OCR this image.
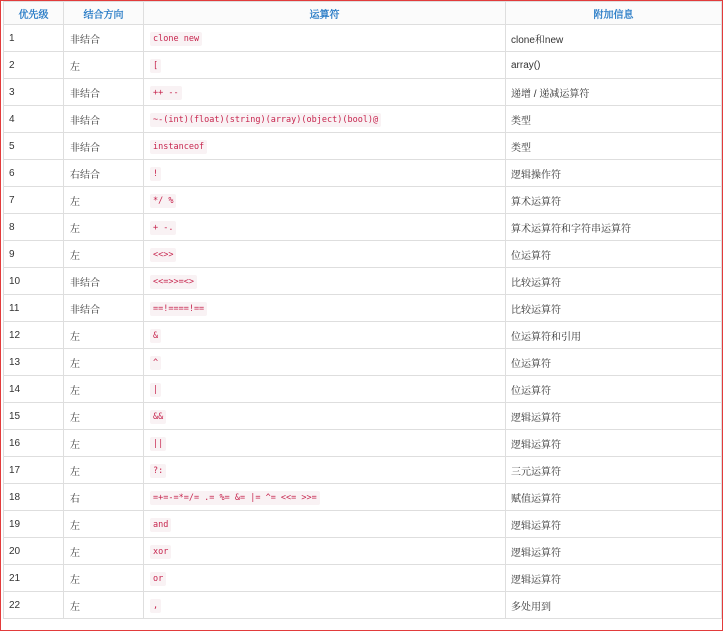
优先级	结合方向	运算符	附加信息
1	非结合	clone new	clone和new
2	左	[	array()
3	非结合	++ --	递增 / 递减运算符
4	非结合	~-(int)(float)(string)(array)(object)(bool)@	类型
5	非结合	instanceof	类型
6	右结合	!	逻辑操作符
7	左	*/ %	算术运算符
8	左	+ -.	算术运算符和字符串运算符
9	左	<<>>	位运算符
10	非结合	<<=>>=<>	比较运算符
11	非结合	==!====!==	比较运算符
12	左	&	位运算符和引用
13	左	^	位运算符
14	左	|	位运算符
15	左	&&	逻辑运算符
16	左	||	逻辑运算符
17	左	?:	三元运算符
18	右	=+=-=*=/= .= %= &= |= ^= <<= >>=	赋值运算符
19	左	and	逻辑运算符
20	左	xor	逻辑运算符
21	左	or	逻辑运算符
22	左	,	多处用到
